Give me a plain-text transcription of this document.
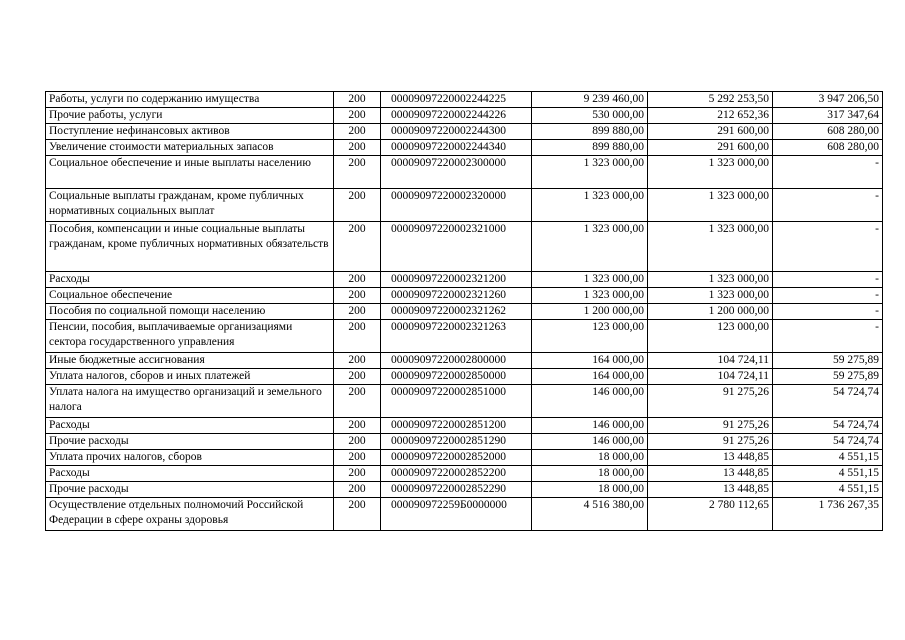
Работы, услуги по содержанию имущества	200	00009097220002244225	9 239 460,00	5 292 253,50	3 947 206,50
Прочие работы, услуги	200	00009097220002244226	530 000,00	212 652,36	317 347,64
Поступление нефинансовых активов	200	00009097220002244300	899 880,00	291 600,00	608 280,00
Увеличение стоимости материальных запасов	200	00009097220002244340	899 880,00	291 600,00	608 280,00
Социальное обеспечение и иные выплаты населению	200	00009097220002300000	1 323 000,00	1 323 000,00	-
Социальные выплаты гражданам, кроме публичных нормативных социальных выплат	200	00009097220002320000	1 323 000,00	1 323 000,00	-
Пособия, компенсации и иные социальные выплаты гражданам, кроме публичных нормативных обязательств	200	00009097220002321000	1 323 000,00	1 323 000,00	-
Расходы	200	00009097220002321200	1 323 000,00	1 323 000,00	-
Социальное обеспечение	200	00009097220002321260	1 323 000,00	1 323 000,00	-
Пособия по социальной помощи населению	200	00009097220002321262	1 200 000,00	1 200 000,00	-
Пенсии, пособия, выплачиваемые организациями сектора государственного управления	200	00009097220002321263	123 000,00	123 000,00	-
Иные бюджетные ассигнования	200	00009097220002800000	164 000,00	104 724,11	59 275,89
Уплата налогов, сборов и иных платежей	200	00009097220002850000	164 000,00	104 724,11	59 275,89
Уплата налога на имущество организаций и земельного налога	200	00009097220002851000	146 000,00	91 275,26	54 724,74
Расходы	200	00009097220002851200	146 000,00	91 275,26	54 724,74
Прочие расходы	200	00009097220002851290	146 000,00	91 275,26	54 724,74
Уплата прочих налогов, сборов	200	00009097220002852000	18 000,00	13 448,85	4 551,15
Расходы	200	00009097220002852200	18 000,00	13 448,85	4 551,15
Прочие расходы	200	00009097220002852290	18 000,00	13 448,85	4 551,15
Осуществление отдельных полномочий Российской Федерации в сфере охраны здоровья	200	000090972259Б0000000	4 516 380,00	2 780 112,65	1 736 267,35
